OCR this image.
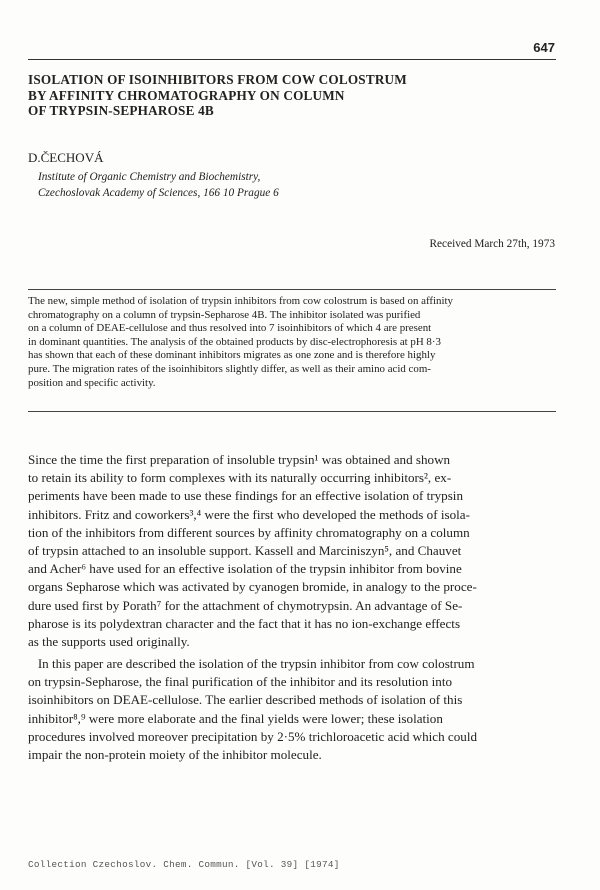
647
ISOLATION OF ISOINHIBITORS FROM COW COLOSTRUM
BY AFFINITY CHROMATOGRAPHY ON COLUMN
OF TRYPSIN-SEPHAROSE 4B
D.ČECHOVÁ
Institute of Organic Chemistry and Biochemistry,
Czechoslovak Academy of Sciences, 166 10 Prague 6
Received March 27th, 1973

The new, simple method of isolation of trypsin inhibitors from cow colostrum is based on affinity
chromatography on a column of trypsin-Sepharose 4B. The inhibitor isolated was purified
on a column of DEAE-cellulose and thus resolved into 7 isoinhibitors of which 4 are present
in dominant quantities. The analysis of the obtained products by disc-electrophoresis at pH 8·3
has shown that each of these dominant inhibitors migrates as one zone and is therefore highly
pure. The migration rates of the isoinhibitors slightly differ, as well as their amino acid com-
position and specific activity.

Since the time the first preparation of insoluble trypsin¹ was obtained and shown
to retain its ability to form complexes with its naturally occurring inhibitors², ex-
periments have been made to use these findings for an effective isolation of trypsin
inhibitors. Fritz and coworkers³,⁴ were the first who developed the methods of isola-
tion of the inhibitors from different sources by affinity chromatography on a column
of trypsin attached to an insoluble support. Kassell and Marciniszyn⁵, and Chauvet
and Acher⁶ have used for an effective isolation of the trypsin inhibitor from bovine
organs Sepharose which was activated by cyanogen bromide, in analogy to the proce-
dure used first by Porath⁷ for the attachment of chymotrypsin. An advantage of Se-
pharose is its polydextran character and the fact that it has no ion-exchange effects
as the supports used originally.

In this paper are described the isolation of the trypsin inhibitor from cow colostrum
on trypsin-Sepharose, the final purification of the inhibitor and its resolution into
isoinhibitors on DEAE-cellulose. The earlier described methods of isolation of this
inhibitor⁸,⁹ were more elaborate and the final yields were lower; these isolation
procedures involved moreover precipitation by 2·5% trichloroacetic acid which could
impair the non-protein moiety of the inhibitor molecule.

Collection Czechoslov. Chem. Commun. [Vol. 39] [1974]
